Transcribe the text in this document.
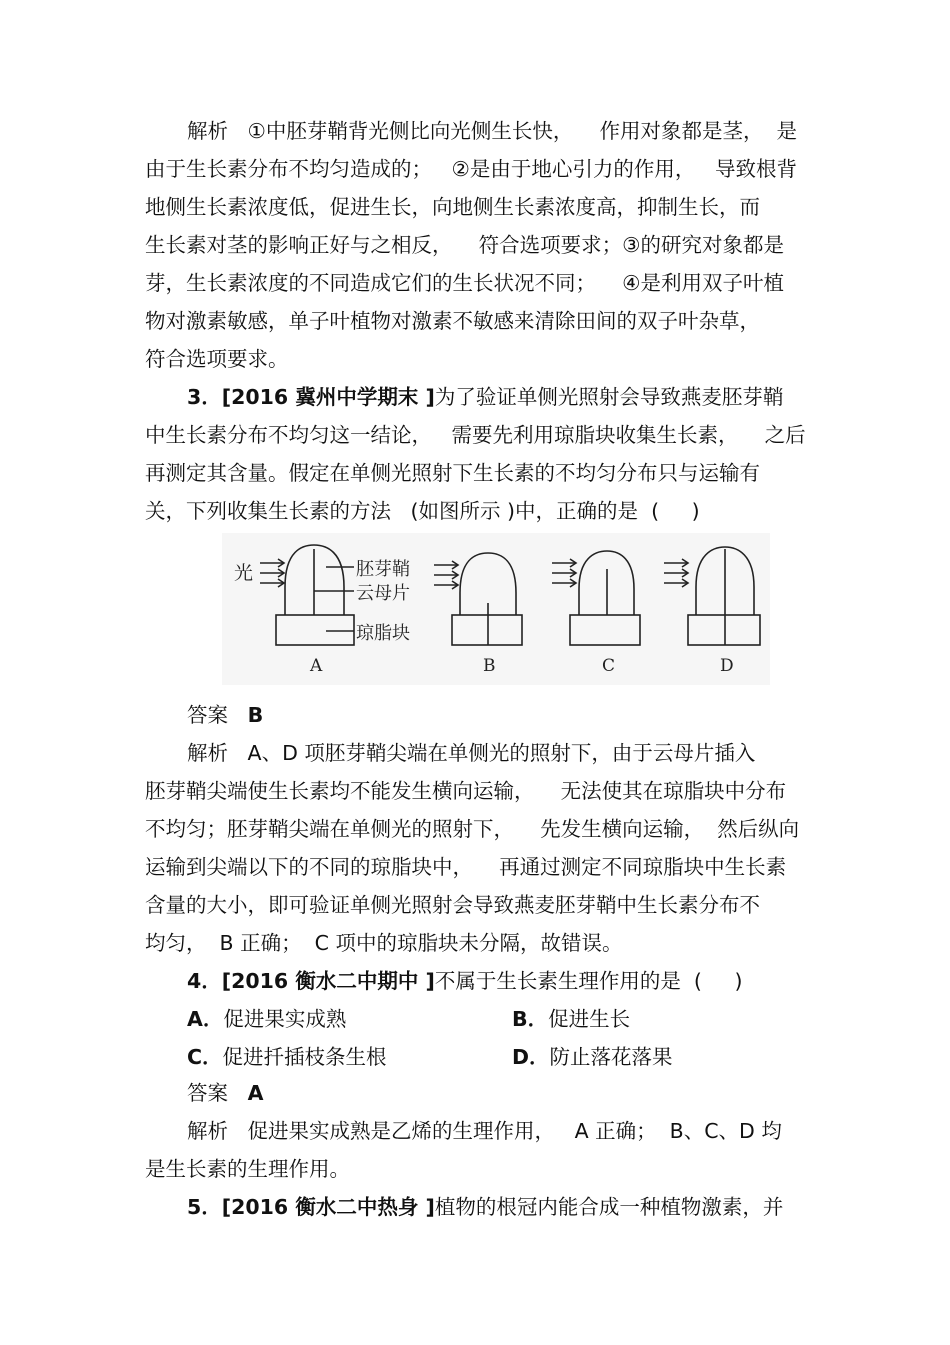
解析   ①中胚芽鞘背光侧比向光侧生长快，    作用对象都是茎，  是
由于生长素分布不均匀造成的；   ②是由于地心引力的作用，   导致根背
地侧生长素浓度低，促进生长，向地侧生长素浓度高，抑制生长，而
生长素对茎的影响正好与之相反，    符合选项要求；③的研究对象都是
芽，生长素浓度的不同造成它们的生长状况不同；    ④是利用双子叶植
物对激素敏感，单子叶植物对激素不敏感来清除田间的双子叶杂草，
符合选项要求。
3．[2016 冀州中学期末 ]为了验证单侧光照射会导致燕麦胚芽鞘
中生长素分布不均匀这一结论，   需要先利用琼脂块收集生长素，    之后
再测定其含量。假定在单侧光照射下生长素的不均匀分布只与运输有
关，下列收集生长素的方法   (如图所示 )中，正确的是  (     )
光	胚芽鞘
云母片
琼脂块
A	B	C	D
答案 B
解析   A、D 项胚芽鞘尖端在单侧光的照射下，由于云母片插入
胚芽鞘尖端使生长素均不能发生横向运输，    无法使其在琼脂块中分布
不均匀；胚芽鞘尖端在单侧光的照射下，    先发生横向运输，  然后纵向
运输到尖端以下的不同的琼脂块中，    再通过测定不同琼脂块中生长素
含量的大小，即可验证单侧光照射会导致燕麦胚芽鞘中生长素分布不
均匀，  B 正确；  C 项中的琼脂块未分隔，故错误。
4．[2016 衡水二中期中 ]不属于生长素生理作用的是  (     )
A．促进果实成熟	B．促进生长
C．促进扦插枝条生根	D．防止落花落果
答案 A
解析   促进果实成熟是乙烯的生理作用，   A 正确；  B、C、D 均
是生长素的生理作用。
5．[2016 衡水二中热身 ]植物的根冠内能合成一种植物激素，并
